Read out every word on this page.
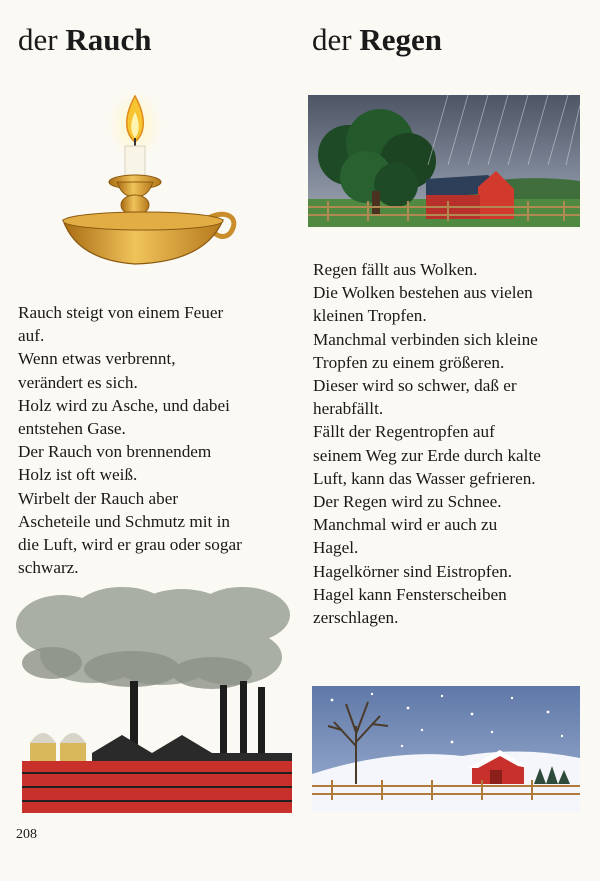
der Rauch	der Regen

Rauch steigt von einem Feuer
auf.
Wenn etwas verbrennt,
verändert es sich.
Holz wird zu Asche, und dabei
entstehen Gase.
Der Rauch von brennendem
Holz ist oft weiß.
Wirbelt der Rauch aber
Ascheteile und Schmutz mit in
die Luft, wird er grau oder sogar
schwarz.

Regen fällt aus Wolken.
Die Wolken bestehen aus vielen
kleinen Tropfen.
Manchmal verbinden sich kleine
Tropfen zu einem größeren.
Dieser wird so schwer, daß er
herabfällt.
Fällt der Regentropfen auf
seinem Weg zur Erde durch kalte
Luft, kann das Wasser gefrieren.
Der Regen wird zu Schnee.
Manchmal wird er auch zu
Hagel.
Hagelkörner sind Eistropfen.
Hagel kann Fensterscheiben
zerschlagen.

208
